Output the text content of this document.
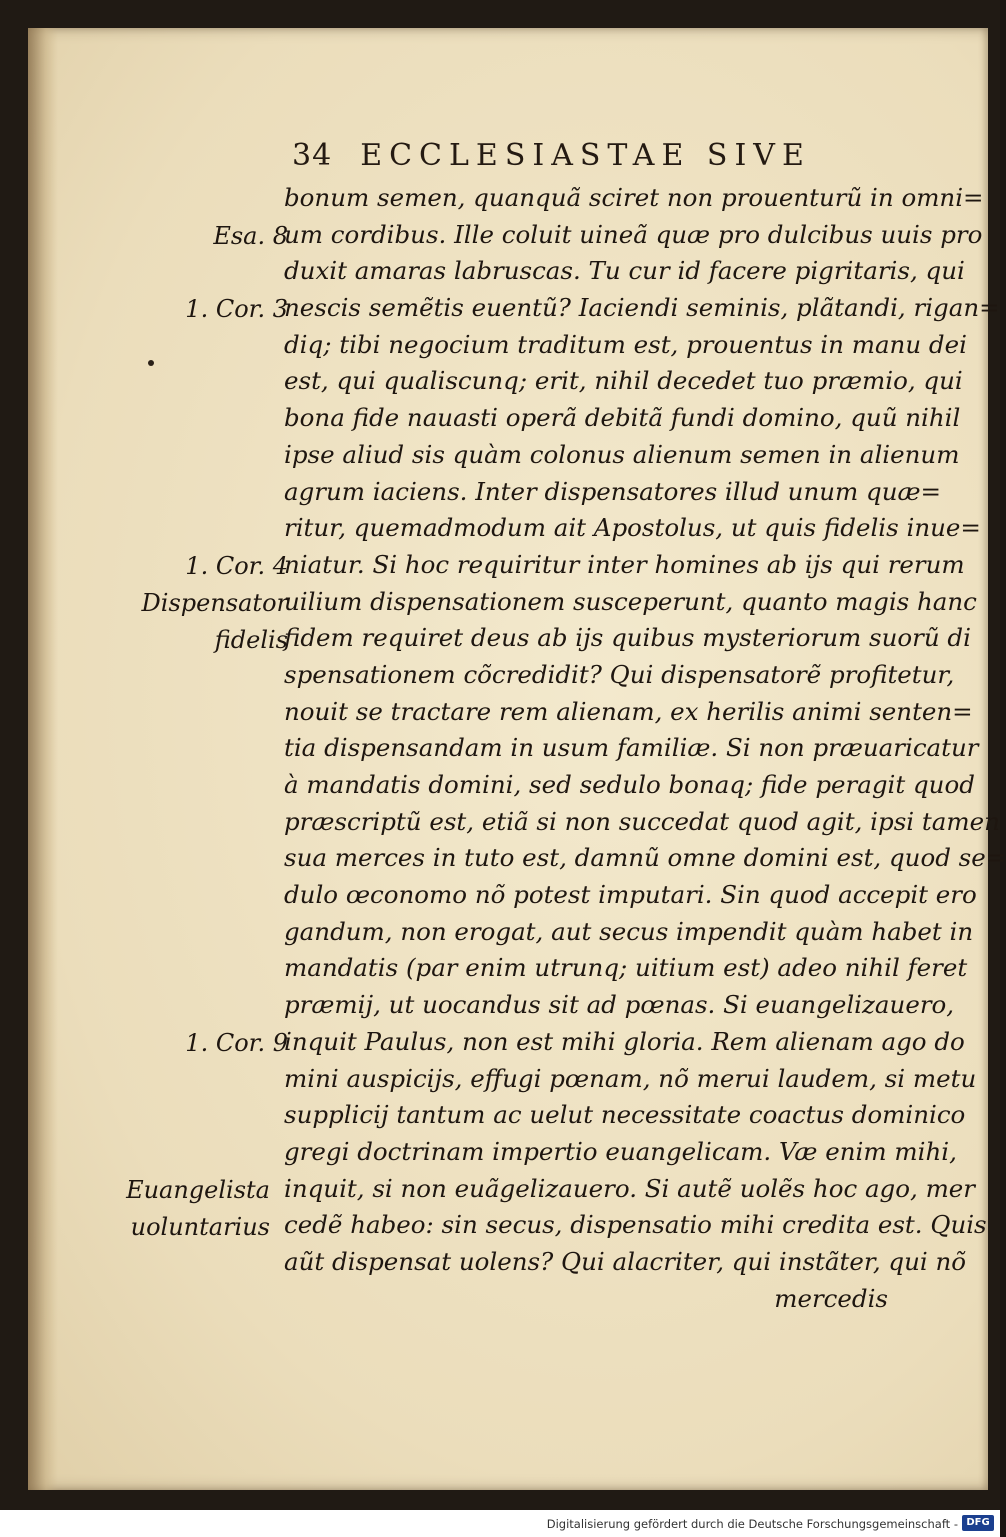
34 ECCLESIASTAE SIVE
Esa. 8
1. Cor. 3
1. Cor. 4
Dispensator
fidelis
1. Cor. 9
Euangelista
uoluntarius
bonum semen, quanquã sciret non prouenturũ in omni=
um cordibus. Ille coluit uineã quæ pro dulcibus uuis pro
duxit amaras labruscas. Tu cur id facere pigritaris, qui
nescis semẽtis euentũ? Iaciendi seminis, plãtandi, rigan=
diq; tibi negocium traditum est, prouentus in manu dei
est, qui qualiscunq; erit, nihil decedet tuo præmio, qui
bona fide nauasti operã debitã fundi domino, quũ nihil
ipse aliud sis quàm colonus alienum semen in alienum
agrum iaciens. Inter dispensatores illud unum quæ=
ritur, quemadmodum ait Apostolus, ut quis fidelis inue=
niatur. Si hoc requiritur inter homines ab ijs qui rerum
uilium dispensationem susceperunt, quanto magis hanc
fidem requiret deus ab ijs quibus mysteriorum suorũ di
spensationem cõcredidit? Qui dispensatorẽ profitetur,
nouit se tractare rem alienam, ex herilis animi senten=
tia dispensandam in usum familiæ. Si non præuaricatur
à mandatis domini, sed sedulo bonaq; fide peragit quod
præscriptũ est, etiã si non succedat quod agit, ipsi tamen
sua merces in tuto est, damnũ omne domini est, quod se=
dulo œconomo nõ potest imputari. Sin quod accepit ero
gandum, non erogat, aut secus impendit quàm habet in
mandatis (par enim utrunq; uitium est) adeo nihil feret
præmij, ut uocandus sit ad pœnas. Si euangelizauero,
inquit Paulus, non est mihi gloria. Rem alienam ago do
mini auspicijs, effugi pœnam, nõ merui laudem, si metu
supplicij tantum ac uelut necessitate coactus dominico
gregi doctrinam impertio euangelicam. Væ enim mihi,
inquit, si non euãgelizauero. Si autẽ uolẽs hoc ago, mer
cedẽ habeo: sin secus, dispensatio mihi credita est. Quis
aũt dispensat uolens? Qui alacriter, qui instãter, qui nõ
mercedis
Digitalisierung gefördert durch die Deutsche Forschungsgemeinschaft - DFG
